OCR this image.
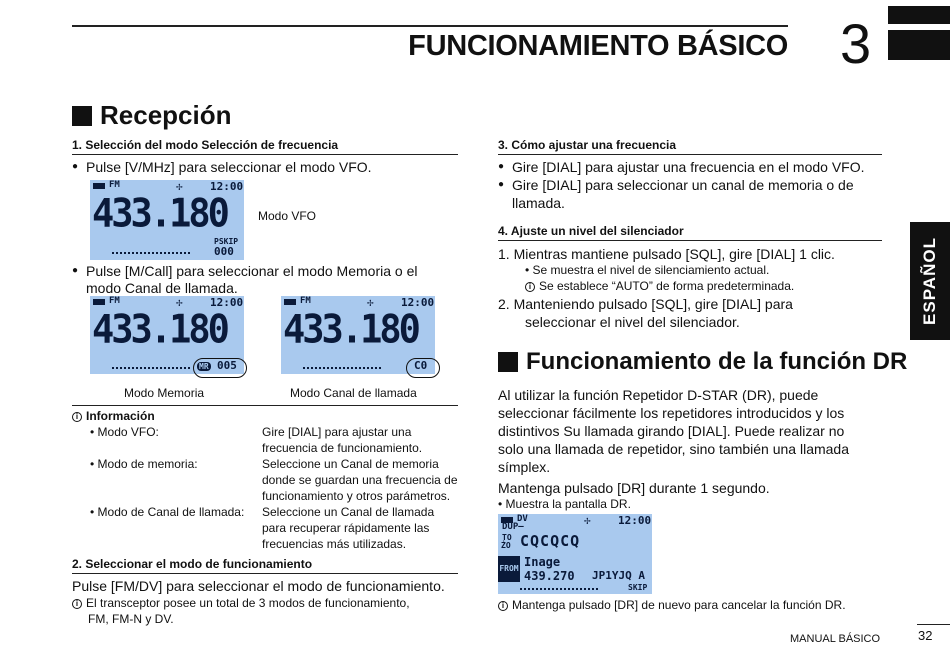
FUNCIONAMIENTO BÁSICO 3
ESPAÑOL
Recepción
1. Selección del modo Selección de frecuencia
● Pulse [V/MHz] para seleccionar el modo VFO.
FM	✢ 12:00
433.180
PSKIP
000
Modo VFO
● Pulse [M/Call] para seleccionar el modo Memoria o el
modo Canal de llamada.
FM	✢ 12:00
433.180
MR 005
Modo Memoria
FM	✢ 12:00
433.180
C0
Modo Canal de llamada
i Información
• Modo VFO:	Gire [DIAL] para ajustar una
frecuencia de funcionamiento.
• Modo de memoria:	Seleccione un Canal de memoria
donde se guardan una frecuencia de
funcionamiento y otros parámetros.
• Modo de Canal de llamada: Seleccione un Canal de llamada
para recuperar rápidamente las
frecuencias más utilizadas.
2. Seleccionar el modo de funcionamiento
Pulse [FM/DV] para seleccionar el modo de funcionamiento.
i El transceptor posee un total de 3 modos de funcionamiento,
FM, FM-N y DV.
3. Cómo ajustar una frecuencia
● Gire [DIAL] para ajustar una frecuencia en el modo VFO.
● Gire [DIAL] para seleccionar un canal de memoria o de
llamada.
4. Ajuste un nivel del silenciador
1. Mientras mantiene pulsado [SQL], gire [DIAL] 1 clic.
• Se muestra el nivel de silenciamiento actual.
i Se establece “AUTO” de forma predeterminada.
2. Manteniendo pulsado [SQL], gire [DIAL] para
seleccionar el nivel del silenciador.
Funcionamiento de la función DR
Al utilizar la función Repetidor D-STAR (DR), puede
seleccionar fácilmente los repetidores introducidos y los
distintivos Su llamada girando [DIAL]. Puede realizar no
solo una llamada de repetidor, sino también una llamada
símplex.
Mantenga pulsado [DR] durante 1 segundo.
• Muestra la pantalla DR.
DV
DUP–	✢ 12:00
TO
ŻO CQCQCQ
FROM Inage
439.270 JP1YJQ A
SKIP
i Mantenga pulsado [DR] de nuevo para cancelar la función DR.
MANUAL BÁSICO	32
